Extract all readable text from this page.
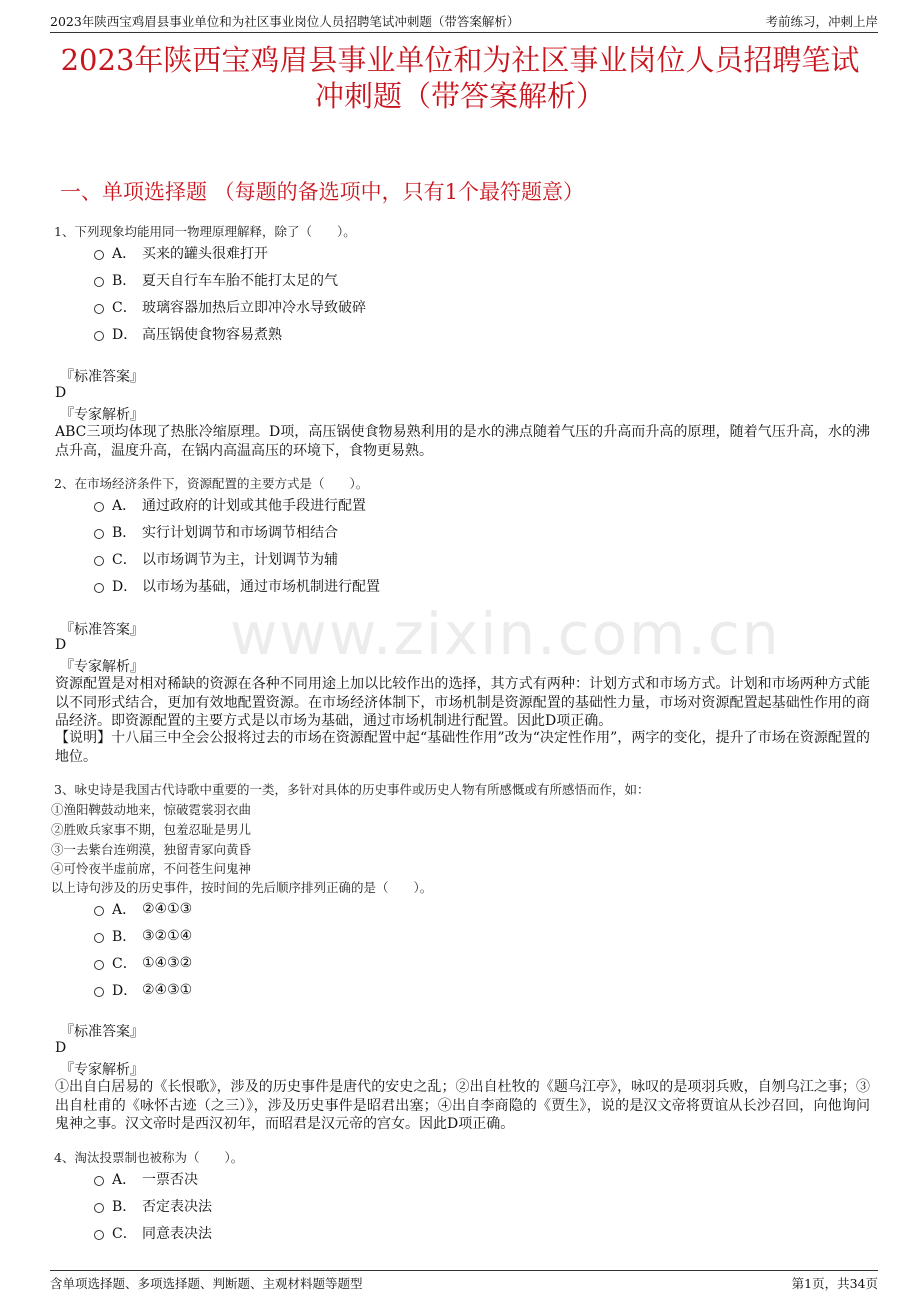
2023年陕西宝鸡眉县事业单位和为社区事业岗位人员招聘笔试冲刺题（带答案解析）	考前练习，冲刺上岸
2023年陕西宝鸡眉县事业单位和为社区事业岗位人员招聘笔试
冲刺题（带答案解析）
一、单项选择题 （每题的备选项中，只有1个最符题意）
www.zixin.com.cn
1、下列现象均能用同一物理原理解释，除了（　　）。
A． 买来的罐头很难打开
B． 夏天自行车车胎不能打太足的气
C． 玻璃容器加热后立即冲冷水导致破碎
D． 高压锅使食物容易煮熟
『标准答案』
D
『专家解析』
ABC三项均体现了热胀冷缩原理。D项，高压锅使食物易熟利用的是水的沸点随着气压的升高而升高的原理，随着气压升高，水的沸点升高，温度升高，在锅内高温高压的环境下，食物更易熟。
2、在市场经济条件下，资源配置的主要方式是（　　）。
A． 通过政府的计划或其他手段进行配置
B． 实行计划调节和市场调节相结合
C． 以市场调节为主，计划调节为辅
D． 以市场为基础，通过市场机制进行配置
『标准答案』
D
『专家解析』
资源配置是对相对稀缺的资源在各种不同用途上加以比较作出的选择，其方式有两种：计划方式和市场方式。计划和市场两种方式能以不同形式结合，更加有效地配置资源。在市场经济体制下，市场机制是资源配置的基础性力量，市场对资源配置起基础性作用的商品经济。即资源配置的主要方式是以市场为基础，通过市场机制进行配置。因此D项正确。
【说明】十八届三中全会公报将过去的市场在资源配置中起“基础性作用”改为“决定性作用”，两字的变化，提升了市场在资源配置的地位。
3、咏史诗是我国古代诗歌中重要的一类，多针对具体的历史事件或历史人物有所感慨或有所感悟而作，如：
①渔阳鞞鼓动地来，惊破霓裳羽衣曲
②胜败兵家事不期，包羞忍耻是男儿
③一去紫台连朔漠，独留青冢向黄昏
④可怜夜半虚前席，不问苍生问鬼神
以上诗句涉及的历史事件，按时间的先后顺序排列正确的是（　　）。
A． ②④①③
B． ③②①④
C． ①④③②
D． ②④③①
『标准答案』
D
『专家解析』
①出自白居易的《长恨歌》，涉及的历史事件是唐代的安史之乱；②出自杜牧的《题乌江亭》，咏叹的是项羽兵败，自刎乌江之事；③出自杜甫的《咏怀古迹（之三）》，涉及历史事件是昭君出塞；④出自李商隐的《贾生》，说的是汉文帝将贾谊从长沙召回，向他询问鬼神之事。汉文帝时是西汉初年，而昭君是汉元帝的宫女。因此D项正确。
4、淘汰投票制也被称为（　　）。
A． 一票否决
B． 否定表决法
C． 同意表决法
含单项选择题、多项选择题、判断题、主观材料题等题型	第1页，共34页
